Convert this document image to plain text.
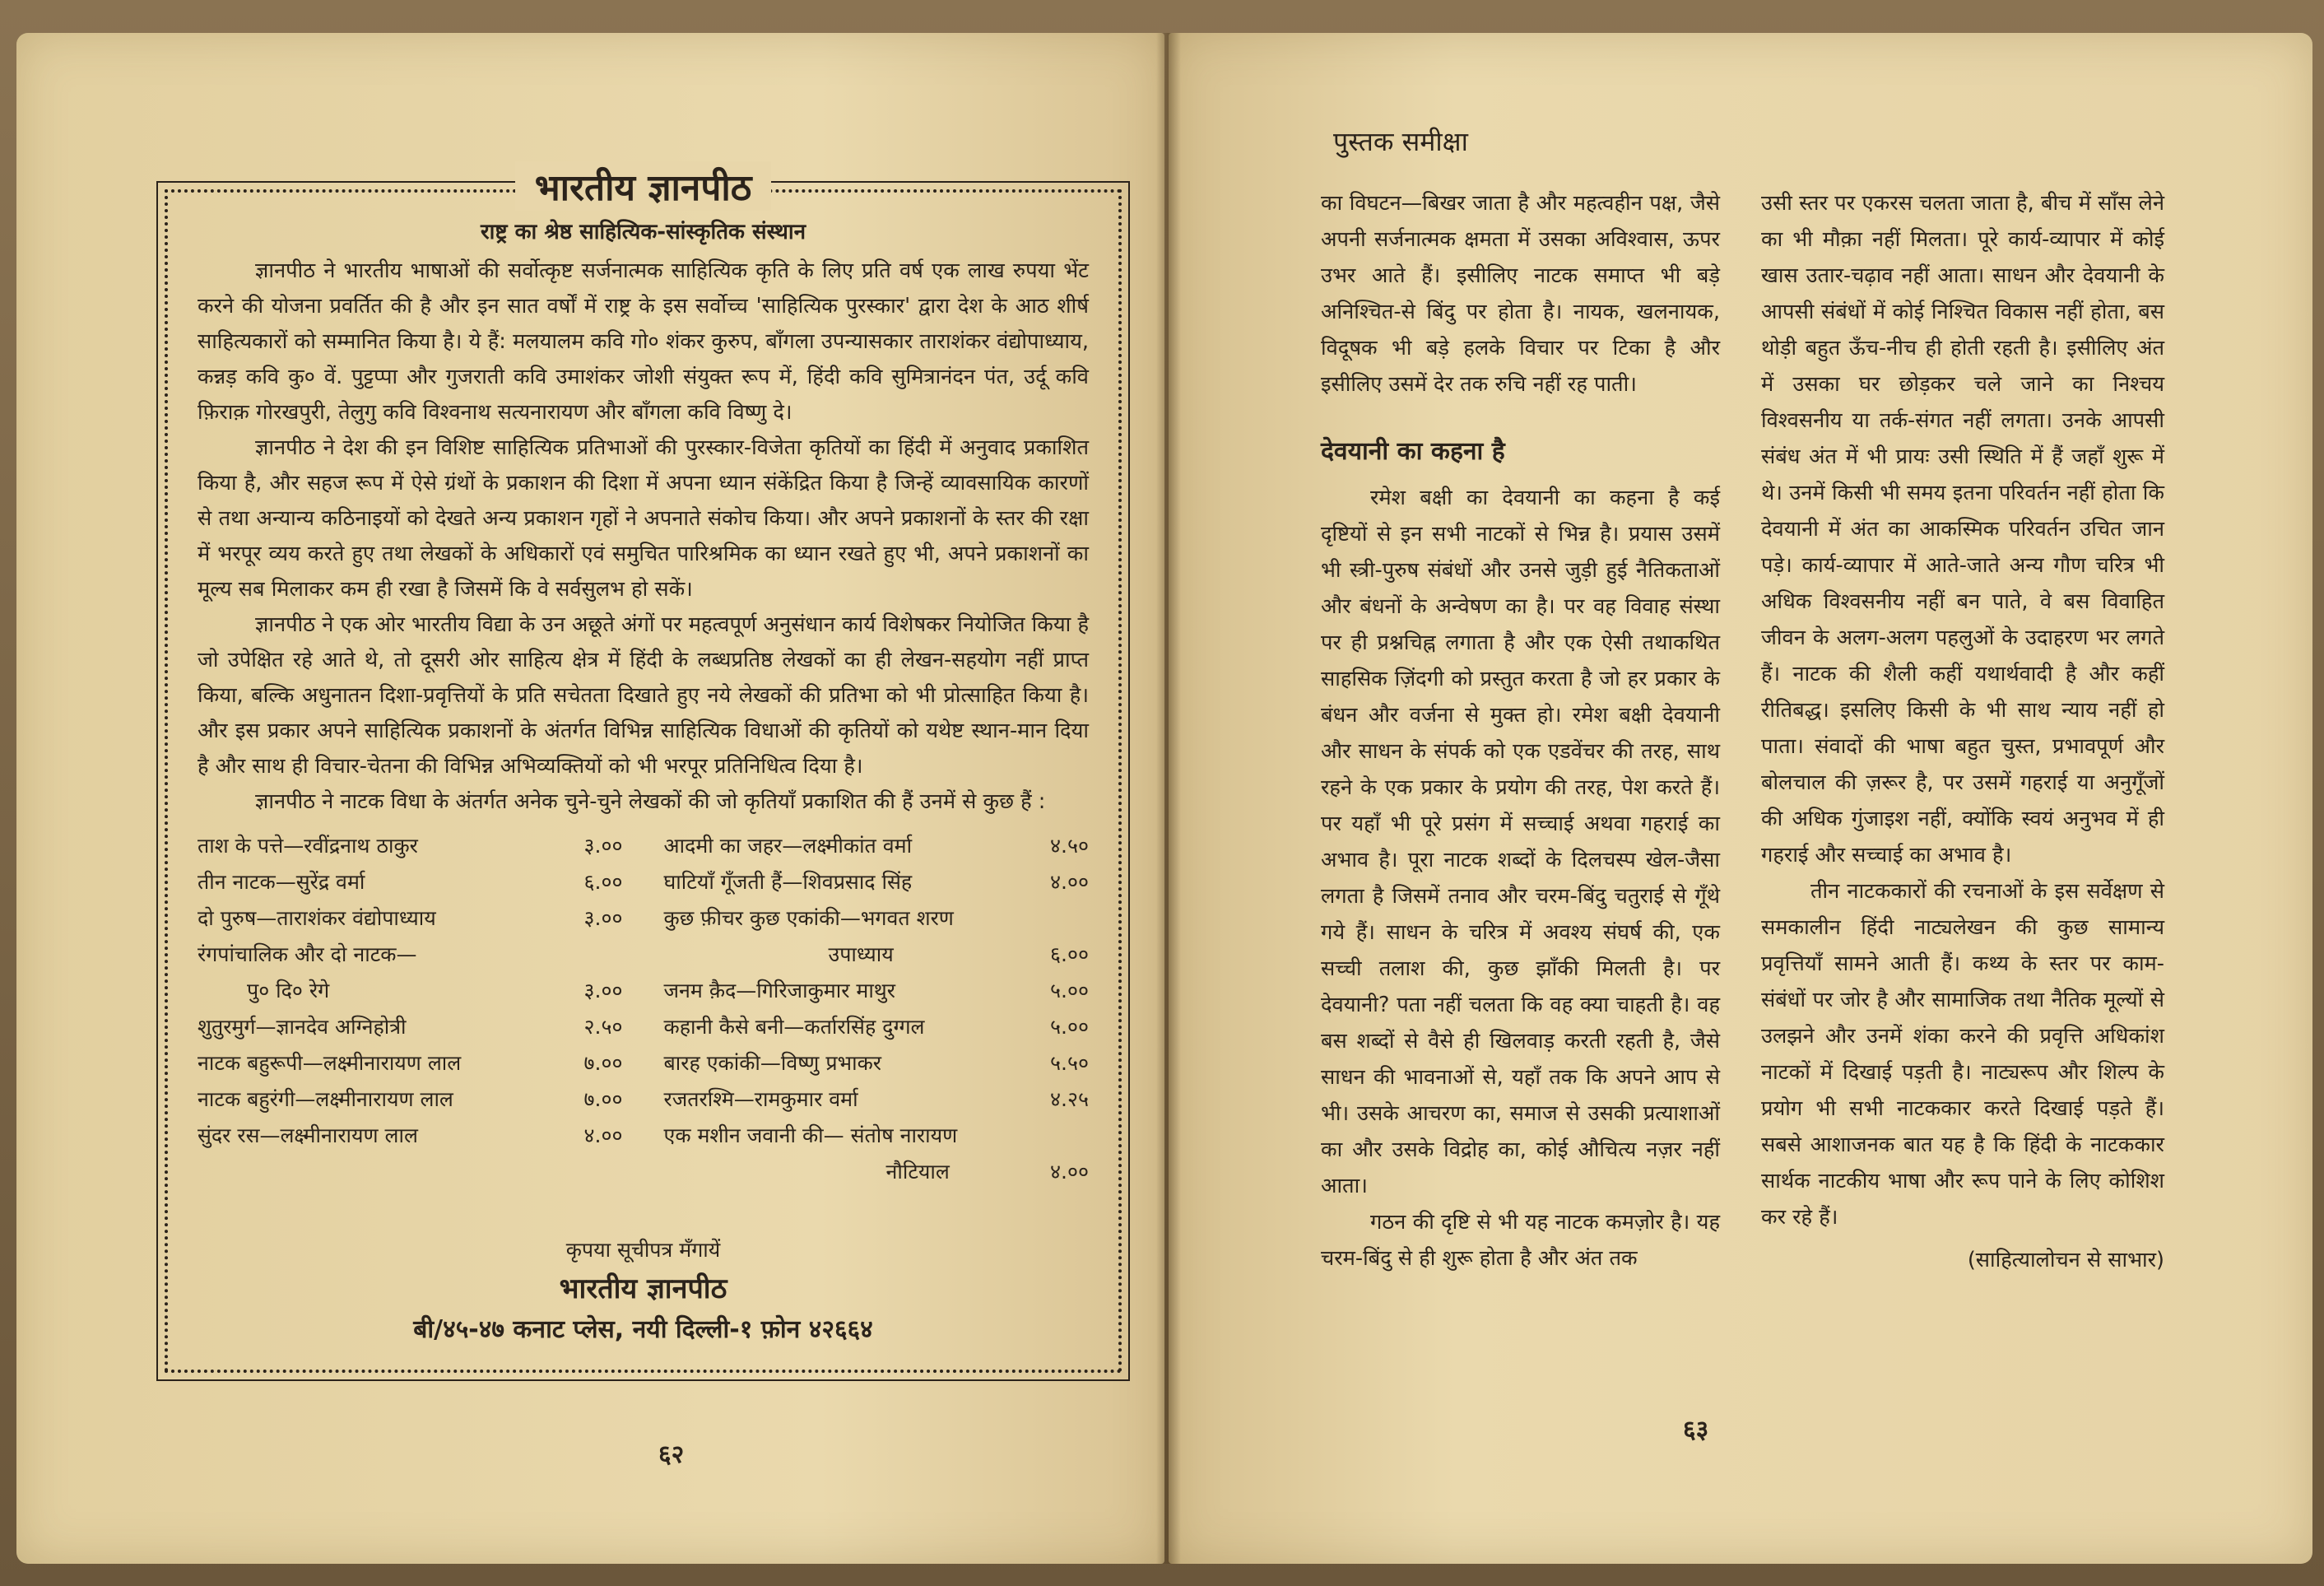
भारतीय ज्ञानपीठ
राष्ट्र का श्रेष्ठ साहित्यिक-सांस्कृतिक संस्थान

ज्ञानपीठ ने भारतीय भाषाओं की सर्वोत्कृष्ट सर्जनात्मक साहित्यिक कृति के लिए प्रति वर्ष एक लाख रुपया भेंट करने की योजना प्रवर्तित की है और इन सात वर्षों में राष्ट्र के इस सर्वोच्च 'साहित्यिक पुरस्कार' द्वारा देश के आठ शीर्ष साहित्यकारों को सम्मानित किया है। ये हैं: मलयालम कवि गो० शंकर कुरुप, बाँगला उपन्यासकार ताराशंकर वंद्योपाध्याय, कन्नड़ कवि कु० वें. पुट्टप्पा और गुजराती कवि उमाशंकर जोशी संयुक्त रूप में, हिंदी कवि सुमित्रानंदन पंत, उर्दू कवि फ़िराक़ गोरखपुरी, तेलुगु कवि विश्वनाथ सत्यनारायण और बाँगला कवि विष्णु दे।

ज्ञानपीठ ने देश की इन विशिष्ट साहित्यिक प्रतिभाओं की पुरस्कार-विजेता कृतियों का हिंदी में अनुवाद प्रकाशित किया है, और सहज रूप में ऐसे ग्रंथों के प्रकाशन की दिशा में अपना ध्यान संकेंद्रित किया है जिन्हें व्यावसायिक कारणों से तथा अन्यान्य कठिनाइयों को देखते अन्य प्रकाशन गृहों ने अपनाते संकोच किया। और अपने प्रकाशनों के स्तर की रक्षा में भरपूर व्यय करते हुए तथा लेखकों के अधिकारों एवं समुचित पारिश्रमिक का ध्यान रखते हुए भी, अपने प्रकाशनों का मूल्य सब मिलाकर कम ही रखा है जिसमें कि वे सर्वसुलभ हो सकें।

ज्ञानपीठ ने एक ओर भारतीय विद्या के उन अछूते अंगों पर महत्वपूर्ण अनुसंधान कार्य विशेषकर नियोजित किया है जो उपेक्षित रहे आते थे, तो दूसरी ओर साहित्य क्षेत्र में हिंदी के लब्धप्रतिष्ठ लेखकों का ही लेखन-सहयोग नहीं प्राप्त किया, बल्कि अधुनातन दिशा-प्रवृत्तियों के प्रति सचेतता दिखाते हुए नये लेखकों की प्रतिभा को भी प्रोत्साहित किया है। और इस प्रकार अपने साहित्यिक प्रकाशनों के अंतर्गत विभिन्न साहित्यिक विधाओं की कृतियों को यथेष्ट स्थान-मान दिया है और साथ ही विचार-चेतना की विभिन्न अभिव्यक्तियों को भी भरपूर प्रतिनिधित्व दिया है।

ज्ञानपीठ ने नाटक विधा के अंतर्गत अनेक चुने-चुने लेखकों की जो कृतियाँ प्रकाशित की हैं उनमें से कुछ हैं :

ताश के पत्ते—रवींद्रनाथ ठाकुर	३.००
तीन नाटक—सुरेंद्र वर्मा	६.००
दो पुरुष—ताराशंकर वंद्योपाध्याय	३.००
रंगपांचालिक और दो नाटक—
पु० दि० रेगे	३.००
शुतुरमुर्ग—ज्ञानदेव अग्निहोत्री	२.५०
नाटक बहुरूपी—लक्ष्मीनारायण लाल	७.००
नाटक बहुरंगी—लक्ष्मीनारायण लाल	७.००
सुंदर रस—लक्ष्मीनारायण लाल	४.००
आदमी का जहर—लक्ष्मीकांत वर्मा	४.५०
घाटियाँ गूँजती हैं—शिवप्रसाद सिंह	४.००
कुछ फ़ीचर कुछ एकांकी—भगवत शरण
उपाध्याय	६.००
जनम क़ैद—गिरिजाकुमार माथुर	५.००
कहानी कैसे बनी—कर्तारसिंह दुग्गल	५.००
बारह एकांकी—विष्णु प्रभाकर	५.५०
रजतरश्मि—रामकुमार वर्मा	४.२५
एक मशीन जवानी की— संतोष नारायण
नौटियाल	४.००
कृपया सूचीपत्र मँगायें
भारतीय ज्ञानपीठ
बी/४५-४७ कनाट प्लेस, नयी दिल्ली-१ फ़ोन ४२६६४
६२
पुस्तक समीक्षा

का विघटन—बिखर जाता है और महत्वहीन पक्ष, जैसे अपनी सर्जनात्मक क्षमता में उसका अविश्वास, ऊपर उभर आते हैं। इसीलिए नाटक समाप्त भी बड़े अनिश्चित-से बिंदु पर होता है। नायक, खलनायक, विदूषक भी बड़े हलके विचार पर टिका है और इसीलिए उसमें देर तक रुचि नहीं रह पाती।

देवयानी का कहना है

रमेश बक्षी का देवयानी का कहना है कई दृष्टियों से इन सभी नाटकों से भिन्न है। प्रयास उसमें भी स्त्री-पुरुष संबंधों और उनसे जुड़ी हुई नैतिकताओं और बंधनों के अन्वेषण का है। पर वह विवाह संस्था पर ही प्रश्नचिह्न लगाता है और एक ऐसी तथाकथित साहसिक ज़िंदगी को प्रस्तुत करता है जो हर प्रकार के बंधन और वर्जना से मुक्त हो। रमेश बक्षी देवयानी और साधन के संपर्क को एक एडवेंचर की तरह, साथ रहने के एक प्रकार के प्रयोग की तरह, पेश करते हैं। पर यहाँ भी पूरे प्रसंग में सच्चाई अथवा गहराई का अभाव है। पूरा नाटक शब्दों के दिलचस्प खेल-जैसा लगता है जिसमें तनाव और चरम-बिंदु चतुराई से गूँथे गये हैं। साधन के चरित्र में अवश्य संघर्ष की, एक सच्ची तलाश की, कुछ झाँकी मिलती है। पर देवयानी? पता नहीं चलता कि वह क्या चाहती है। वह बस शब्दों से वैसे ही खिलवाड़ करती रहती है, जैसे साधन की भावनाओं से, यहाँ तक कि अपने आप से भी। उसके आचरण का, समाज से उसकी प्रत्याशाओं का और उसके विद्रोह का, कोई औचित्य नज़र नहीं आता।

गठन की दृष्टि से भी यह नाटक कमज़ोर है। यह चरम-बिंदु से ही शुरू होता है और अंत तक

उसी स्तर पर एकरस चलता जाता है, बीच में साँस लेने का भी मौक़ा नहीं मिलता। पूरे कार्य-व्यापार में कोई खास उतार-चढ़ाव नहीं आता। साधन और देवयानी के आपसी संबंधों में कोई निश्चित विकास नहीं होता, बस थोड़ी बहुत ऊँच-नीच ही होती रहती है। इसीलिए अंत में उसका घर छोड़कर चले जाने का निश्चय विश्वसनीय या तर्क-संगत नहीं लगता। उनके आपसी संबंध अंत में भी प्रायः उसी स्थिति में हैं जहाँ शुरू में थे। उनमें किसी भी समय इतना परिवर्तन नहीं होता कि देवयानी में अंत का आकस्मिक परिवर्तन उचित जान पड़े। कार्य-व्यापार में आते-जाते अन्य गौण चरित्र भी अधिक विश्वसनीय नहीं बन पाते, वे बस विवाहित जीवन के अलग-अलग पहलुओं के उदाहरण भर लगते हैं। नाटक की शैली कहीं यथार्थवादी है और कहीं रीतिबद्ध। इसलिए किसी के भी साथ न्याय नहीं हो पाता। संवादों की भाषा बहुत चुस्त, प्रभावपूर्ण और बोलचाल की ज़रूर है, पर उसमें गहराई या अनुगूँजों की अधिक गुंजाइश नहीं, क्योंकि स्वयं अनुभव में ही गहराई और सच्चाई का अभाव है।

तीन नाटककारों की रचनाओं के इस सर्वेक्षण से समकालीन हिंदी नाट्यलेखन की कुछ सामान्य प्रवृत्तियाँ सामने आती हैं। कथ्य के स्तर पर काम-संबंधों पर जोर है और सामाजिक तथा नैतिक मूल्यों से उलझने और उनमें शंका करने की प्रवृत्ति अधिकांश नाटकों में दिखाई पड़ती है। नाट्यरूप और शिल्प के प्रयोग भी सभी नाटककार करते दिखाई पड़ते हैं। सबसे आशाजनक बात यह है कि हिंदी के नाटककार सार्थक नाटकीय भाषा और रूप पाने के लिए कोशिश कर रहे हैं।

(साहित्यालोचन से साभार)
६३
